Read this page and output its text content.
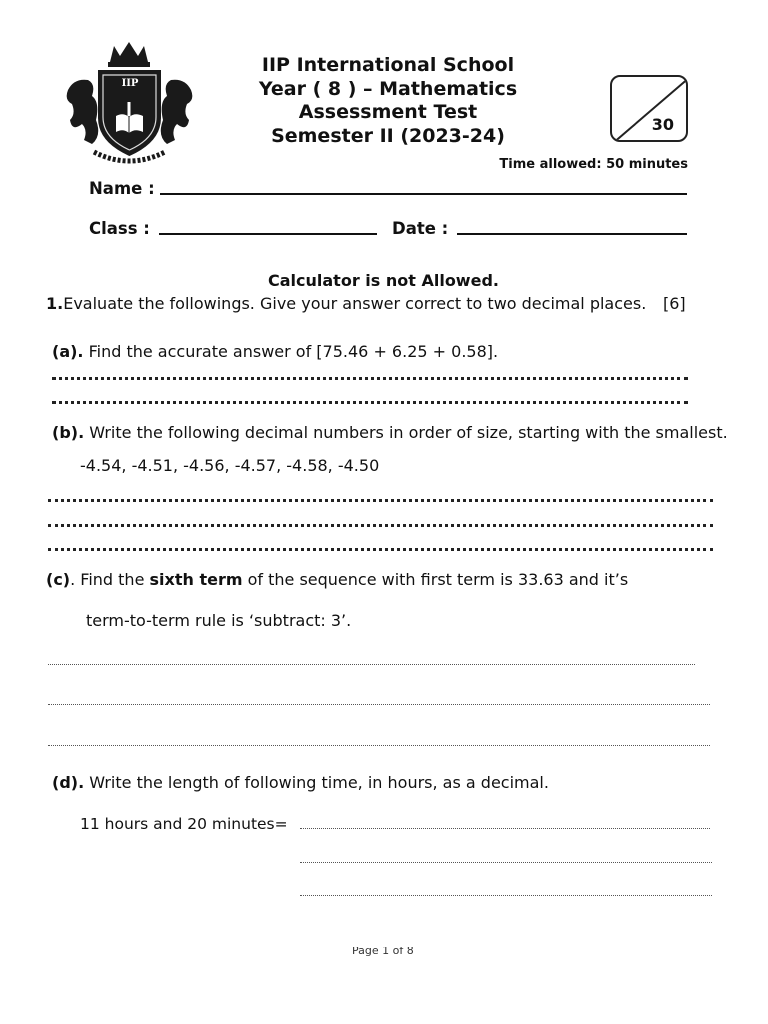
IIP
IIP International School
Year ( 8 ) – Mathematics
Assessment Test
Semester II (2023-24)	30
Time allowed: 50 minutes
Name :
Class :	Date :
Calculator is not Allowed.
1.Evaluate the followings. Give your answer correct to two decimal places. [6]
(a). Find the accurate answer of [75.46 + 6.25 + 0.58].
(b). Write the following decimal numbers in order of size, starting with the smallest.
-4.54, -4.51, -4.56, -4.57, -4.58, -4.50
(c). Find the sixth term of the sequence with first term is 33.63 and it’s
term-to-term rule is ‘subtract: 3’.
(d). Write the length of following time, in hours, as a decimal.
11 hours and 20 minutes=
Page 1 of 8
